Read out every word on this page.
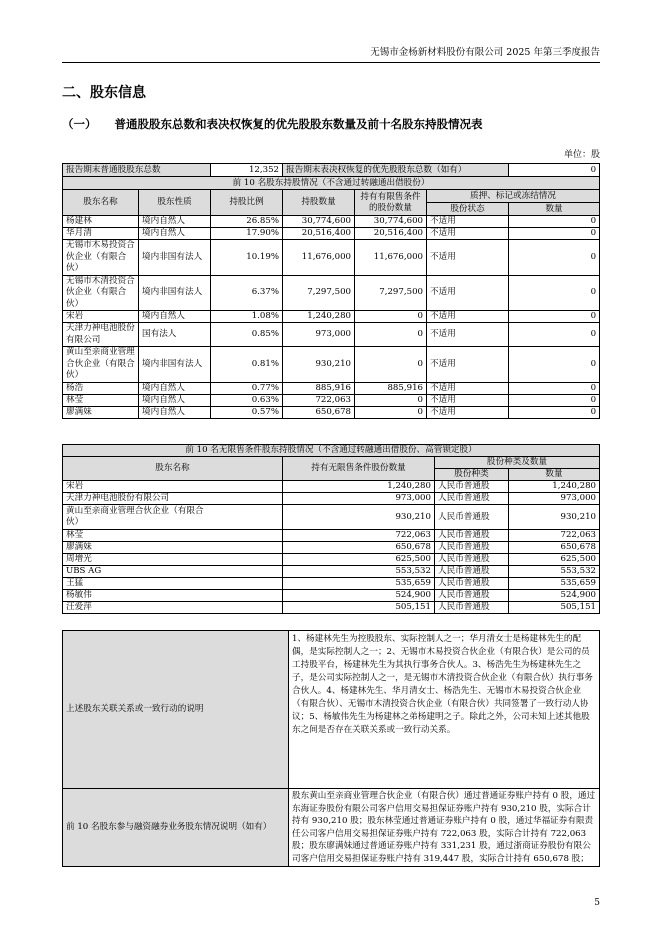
无锡市金杨新材料股份有限公司 2025 年第三季度报告
二、股东信息
（一） 普通股股东总数和表决权恢复的优先股股东数量及前十名股东持股情况表
单位：股
报告期末普通股股东总数		12,352	报告期末表决权恢复的优先股股东总数（如有）			0
前 10 名股东持股情况（不含通过转融通出借股份）						
股东名称	股东性质	持股比例	持股数量	持有有限售条件的股份数量	质押、标记或冻结情况	
					股份状态	数量
杨建林	境内自然人	26.85%	30,774,600	30,774,600	不适用	0
华月清	境内自然人	17.90%	20,516,400	20,516,400	不适用	0
无锡市木易投资合伙企业（有限合伙）	境内非国有法人	10.19%	11,676,000	11,676,000	不适用	0
无锡市木清投资合伙企业（有限合伙）	境内非国有法人	6.37%	7,297,500	7,297,500	不适用	0
宋岩	境内自然人	1.08%	1,240,280	0	不适用	0
天津力神电池股份有限公司	国有法人	0.85%	973,000	0	不适用	0
黄山至亲商业管理合伙企业（有限合伙）	境内非国有法人	0.81%	930,210	0	不适用	0
杨浩	境内自然人	0.77%	885,916	885,916	不适用	0
林莹	境内自然人	0.63%	722,063	0	不适用	0
廖满妹	境内自然人	0.57%	650,678	0	不适用	0
前 10 名无限售条件股东持股情况（不含通过转融通出借股份、高管锁定股）			
股东名称	持有无限售条件股份数量	股份种类及数量	
		股份种类	数量
宋岩	1,240,280	人民币普通股	1,240,280
天津力神电池股份有限公司	973,000	人民币普通股	973,000
黄山至亲商业管理合伙企业（有限合伙）	930,210	人民币普通股	930,210
林莹	722,063	人民币普通股	722,063
廖满妹	650,678	人民币普通股	650,678
周增光	625,500	人民币普通股	625,500
UBS AG	553,532	人民币普通股	553,532
王猛	535,659	人民币普通股	535,659
杨敏伟	524,900	人民币普通股	524,900
汪爱萍	505,151	人民币普通股	505,151
上述股东关联关系或一致行动的说明	1、杨建林先生为控股股东、实际控制人之一；华月清女士是杨建林先生的配偶，是实际控制人之一；2、无锡市木易投资合伙企业（有限合伙）是公司的员工持股平台，杨建林先生为其执行事务合伙人。3、杨浩先生为杨建林先生之子，是公司实际控制人之一，是无锡市木清投资合伙企业（有限合伙）执行事务合伙人。4、杨建林先生、华月清女士、杨浩先生、无锡市木易投资合伙企业（有限合伙）、无锡市木清投资合伙企业（有限合伙）共同签署了一致行动人协议；5、杨敏伟先生为杨建林之弟杨建明之子。除此之外，公司未知上述其他股东之间是否存在关联关系或一致行动关系。
前 10 名股东参与融资融券业务股东情况说明（如有）	股东黄山至亲商业管理合伙企业（有限合伙）通过普通证券账户持有 0 股，通过东海证券股份有限公司客户信用交易担保证券账户持有 930,210 股，实际合计持有 930,210 股；股东林莹通过普通证券账户持有 0 股，通过华福证券有限责任公司客户信用交易担保证券账户持有 722,063 股，实际合计持有 722,063 股；股东廖满妹通过普通证券账户持有 331,231 股，通过浙商证券股份有限公司客户信用交易担保证券账户持有 319,447 股，实际合计持有 650,678 股；
5
